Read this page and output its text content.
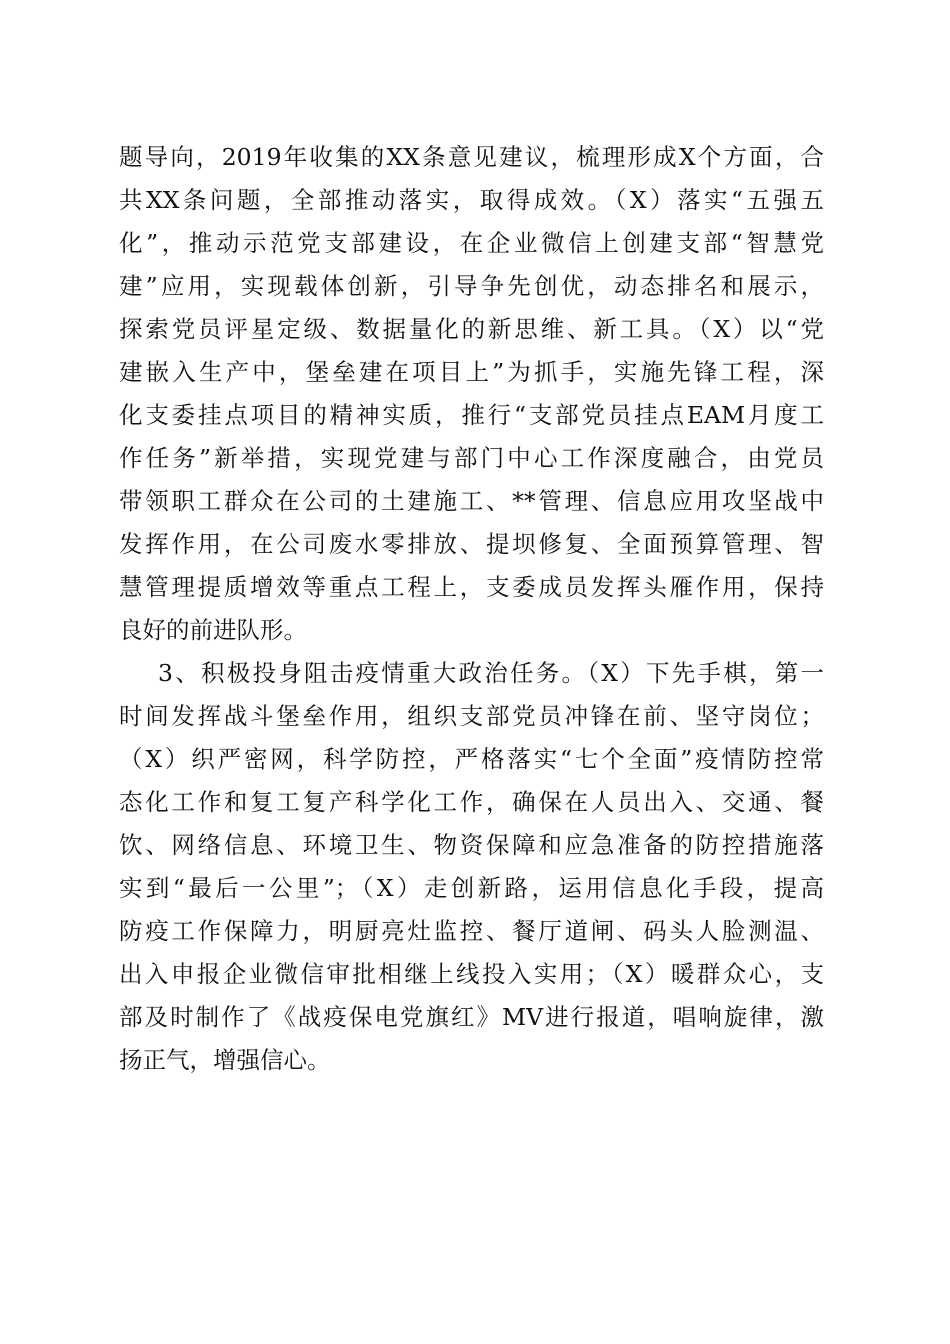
题导向，2019年收集的XX条意见建议，梳理形成X个方面，合
共XX条问题，全部推动落实，取得成效。（X）落实“五强五
化”，推动示范党支部建设，在企业微信上创建支部“智慧党
建”应用，实现载体创新，引导争先创优，动态排名和展示，
探索党员评星定级、数据量化的新思维、新工具。（X）以“党
建嵌入生产中，堡垒建在项目上”为抓手，实施先锋工程，深
化支委挂点项目的精神实质，推行“支部党员挂点EAM月度工
作任务”新举措，实现党建与部门中心工作深度融合，由党员
带领职工群众在公司的土建施工、**管理、信息应用攻坚战中
发挥作用，在公司废水零排放、提坝修复、全面预算管理、智
慧管理提质增效等重点工程上，支委成员发挥头雁作用，保持
良好的前进队形。
3、积极投身阻击疫情重大政治任务。（X）下先手棋，第一
时间发挥战斗堡垒作用，组织支部党员冲锋在前、坚守岗位；
（X）织严密网，科学防控，严格落实“七个全面”疫情防控常
态化工作和复工复产科学化工作，确保在人员出入、交通、餐
饮、网络信息、环境卫生、物资保障和应急准备的防控措施落
实到“最后一公里”；（X）走创新路，运用信息化手段，提高
防疫工作保障力，明厨亮灶监控、餐厅道闸、码头人脸测温、
出入申报企业微信审批相继上线投入实用；（X）暖群众心，支
部及时制作了《战疫保电党旗红》MV进行报道，唱响旋律，激
扬正气，增强信心。
